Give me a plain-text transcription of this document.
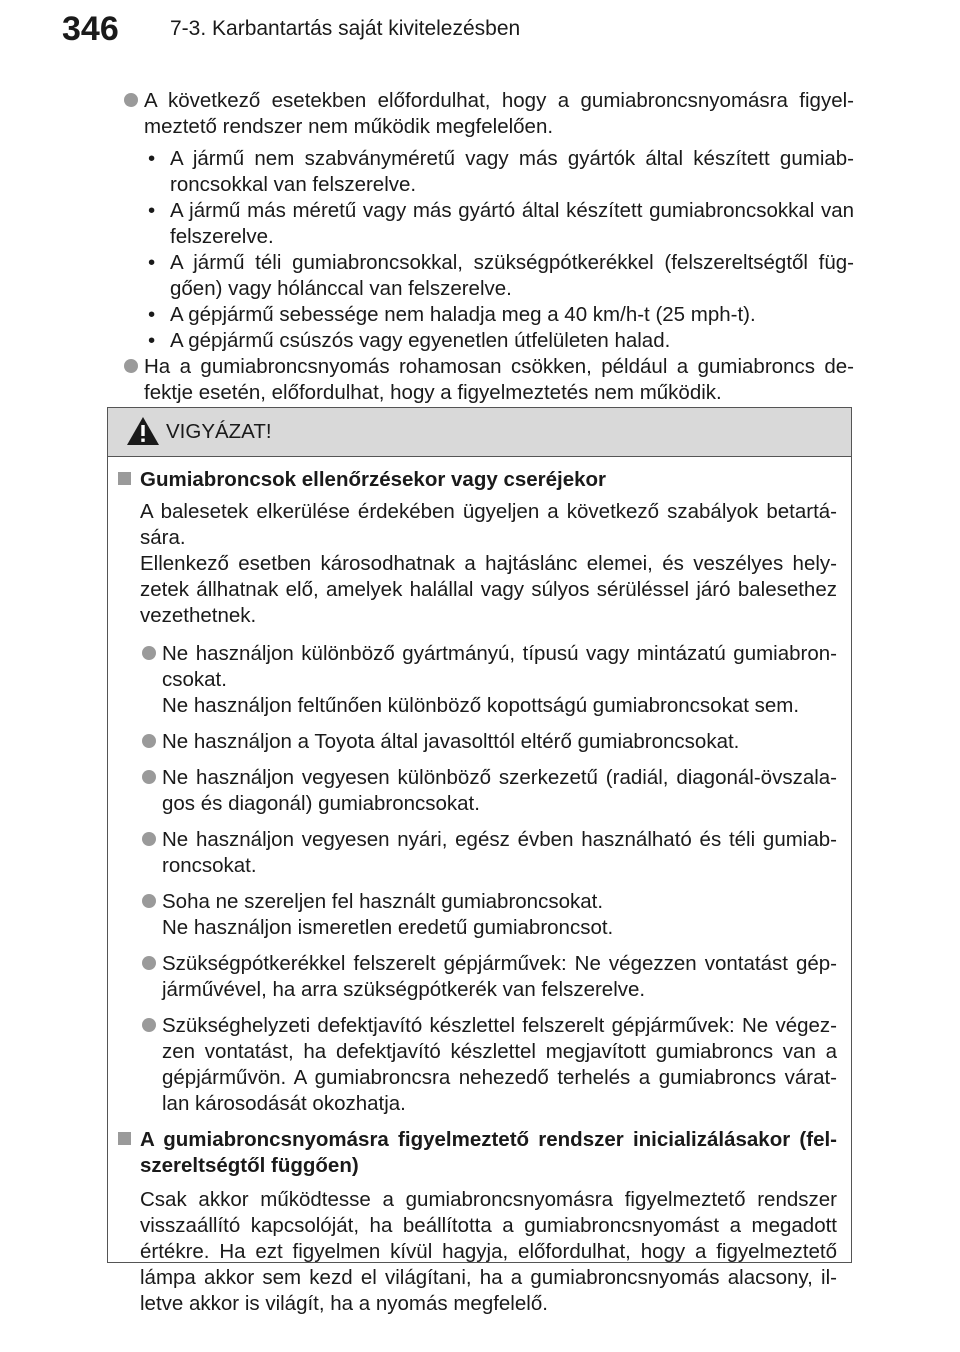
346 7-3. Karbantartás saját kivitelezésben
A következő esetekben előfordulhat, hogy a gumiabroncsnyomásra figyel-meztető rendszer nem működik megfelelően.
• A jármű nem szabványméretű vagy más gyártók által készített gumiab-roncsokkal van felszerelve.
• A jármű más méretű vagy más gyártó által készített gumiabroncsokkal van felszerelve.
• A jármű téli gumiabroncsokkal, szükségpótkerékkel (felszereltségtől füg-gően) vagy hólánccal van felszerelve.
• A gépjármű sebessége nem haladja meg a 40 km/h-t (25 mph-t).
• A gépjármű csúszós vagy egyenetlen útfelületen halad.
Ha a gumiabroncsnyomás rohamosan csökken, például a gumiabroncs de-fektje esetén, előfordulhat, hogy a figyelmeztetés nem működik.
VIGYÁZAT!
Gumiabroncsok ellenőrzésekor vagy cseréjekor
A balesetek elkerülése érdekében ügyeljen a következő szabályok betartá-sára.
Ellenkező esetben károsodhatnak a hajtáslánc elemei, és veszélyes hely-zetek állhatnak elő, amelyek halállal vagy súlyos sérüléssel járó balesethez vezethetnek.
Ne használjon különböző gyártmányú, típusú vagy mintázatú gumiabron-csokat.
Ne használjon feltűnően különböző kopottságú gumiabroncsokat sem.
Ne használjon a Toyota által javasolttól eltérő gumiabroncsokat.
Ne használjon vegyesen különböző szerkezetű (radiál, diagonál-övszala-gos és diagonál) gumiabroncsokat.
Ne használjon vegyesen nyári, egész évben használható és téli gumiab-roncsokat.
Soha ne szereljen fel használt gumiabroncsokat.
Ne használjon ismeretlen eredetű gumiabroncsot.
Szükségpótkerékkel felszerelt gépjárművek: Ne végezzen vontatást gép-járművével, ha arra szükségpótkerék van felszerelve.
Szükséghelyzeti defektjavító készlettel felszerelt gépjárművek: Ne végez-zen vontatást, ha defektjavító készlettel megjavított gumiabroncs van a gépjárművön. A gumiabroncsra nehezedő terhelés a gumiabroncs várat-lan károsodását okozhatja.
A gumiabroncsnyomásra figyelmeztető rendszer inicializálásakor (fel-szereltségtől függően)
Csak akkor működtesse a gumiabroncsnyomásra figyelmeztető rendszer visszaállító kapcsolóját, ha beállította a gumiabroncsnyomást a megadott értékre. Ha ezt figyelmen kívül hagyja, előfordulhat, hogy a figyelmeztető lámpa akkor sem kezd el világítani, ha a gumiabroncsnyomás alacsony, il-letve akkor is világít, ha a nyomás megfelelő.
